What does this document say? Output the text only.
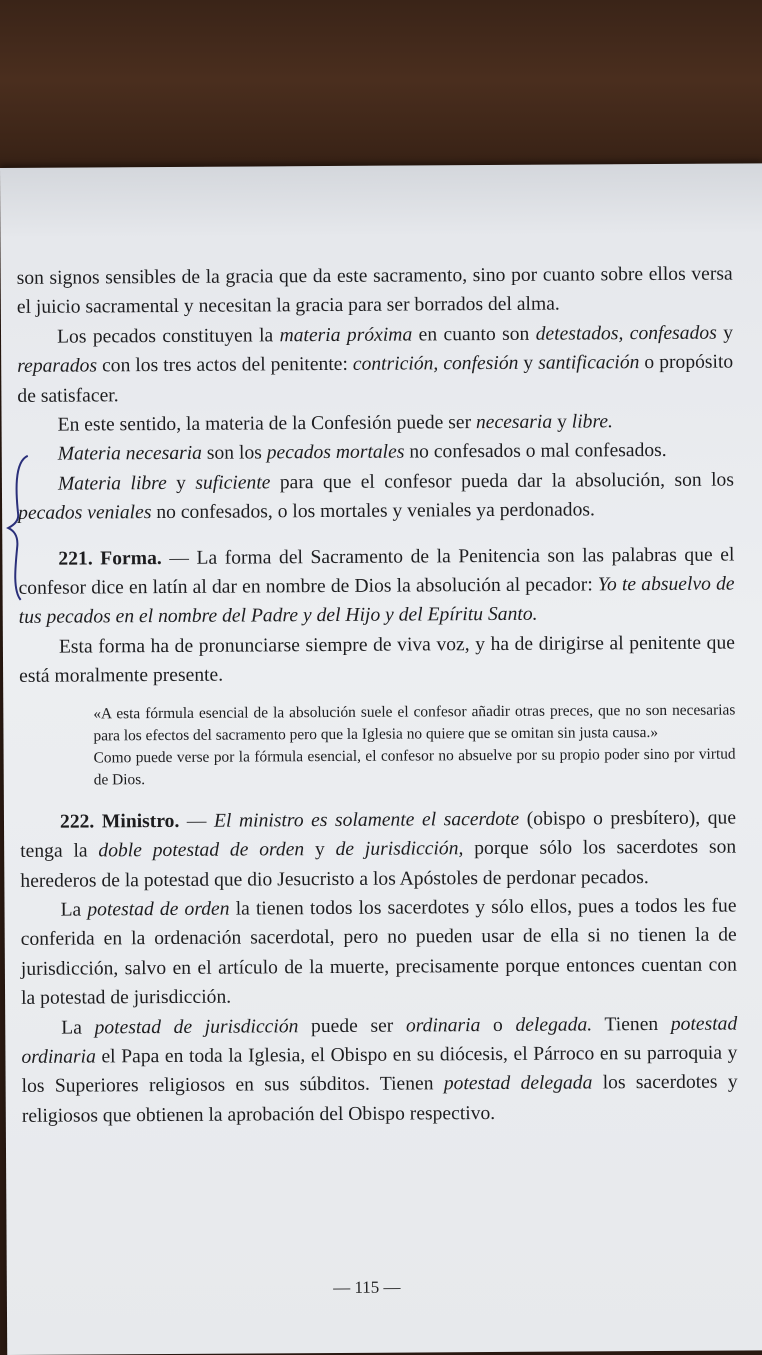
son signos sensibles de la gracia que da este sacramento, sino por cuanto sobre ellos versa el juicio sacramental y necesitan la gracia para ser borrados del alma.

Los pecados constituyen la materia próxima en cuanto son detestados, confesados y reparados con los tres actos del penitente: contrición, confesión y santificación o propósito de satisfacer.

En este sentido, la materia de la Confesión puede ser necesaria y libre.

Materia necesaria son los pecados mortales no confesados o mal confesados.

Materia libre y suficiente para que el confesor pueda dar la absolución, son los pecados veniales no confesados, o los mortales y veniales ya perdonados.

221. Forma. — La forma del Sacramento de la Penitencia son las palabras que el confesor dice en latín al dar en nombre de Dios la absolución al pecador: Yo te absuelvo de tus pecados en el nombre del Padre y del Hijo y del Epíritu Santo.

Esta forma ha de pronunciarse siempre de viva voz, y ha de dirigirse al penitente que está moralmente presente.

«A esta fórmula esencial de la absolución suele el confesor añadir otras preces, que no son necesarias para los efectos del sacramento pero que la Iglesia no quiere que se omitan sin justa causa.»

Como puede verse por la fórmula esencial, el confesor no absuelve por su propio poder sino por virtud de Dios.

222. Ministro. — El ministro es solamente el sacerdote (obispo o presbítero), que tenga la doble potestad de orden y de jurisdicción, porque sólo los sacerdotes son herederos de la potestad que dio Jesucristo a los Apóstoles de perdonar pecados.

La potestad de orden la tienen todos los sacerdotes y sólo ellos, pues a todos les fue conferida en la ordenación sacerdotal, pero no pueden usar de ella si no tienen la de jurisdicción, salvo en el artículo de la muerte, precisamente porque entonces cuentan con la potestad de jurisdicción.

La potestad de jurisdicción puede ser ordinaria o delegada. Tienen potestad ordinaria el Papa en toda la Iglesia, el Obispo en su diócesis, el Párroco en su parroquia y los Superiores religiosos en sus súbditos. Tienen potestad delegada los sacerdotes y religiosos que obtienen la aprobación del Obispo respectivo.

— 115 —
